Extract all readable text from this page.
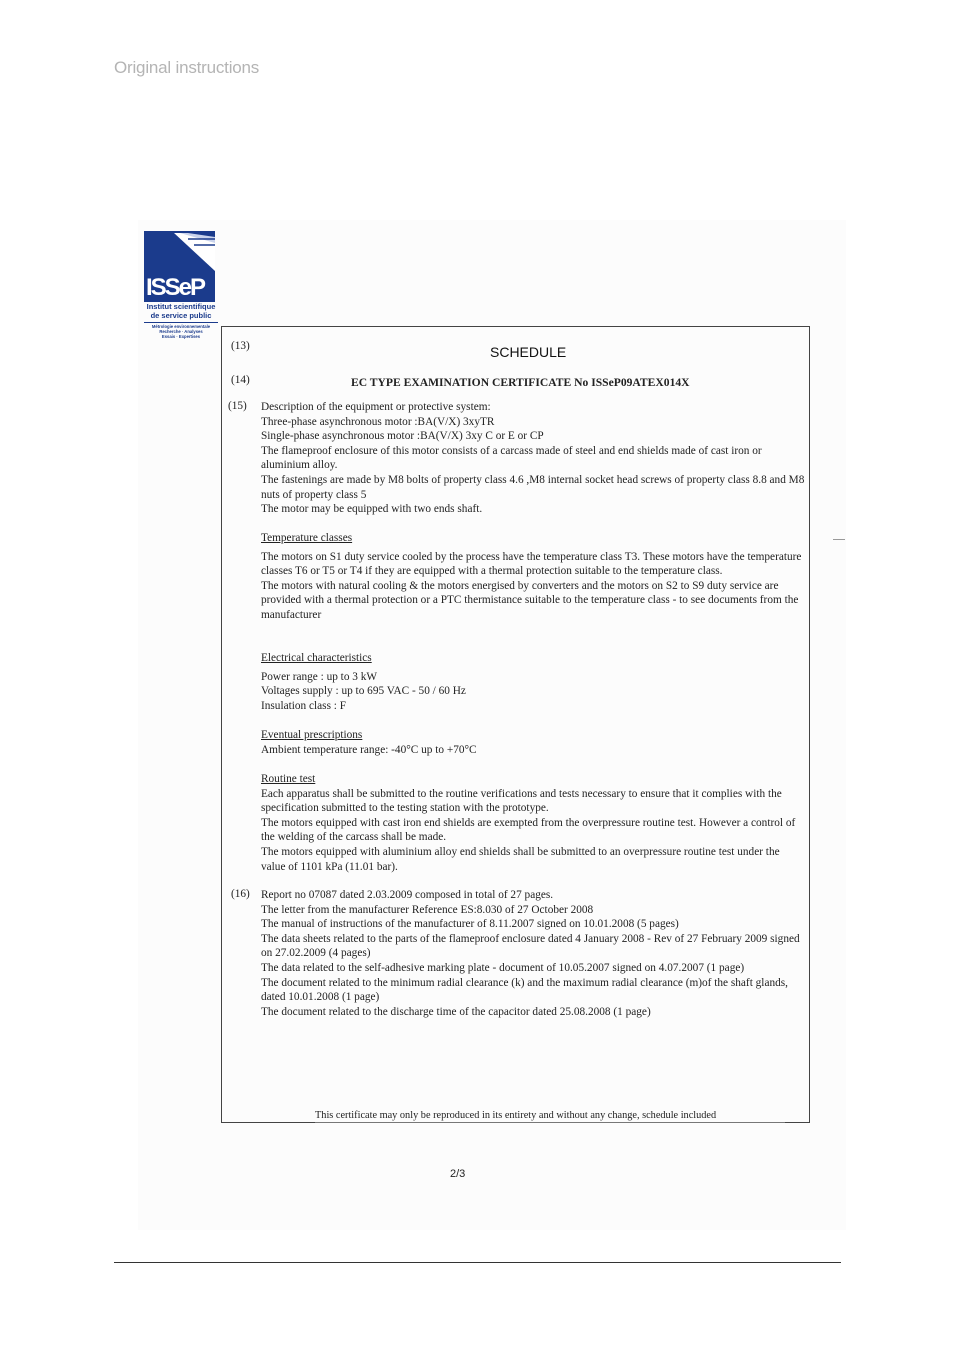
Original instructions
ISSeP
Institut scientifique
de service public
Métrologie environnementale
Recherche · Analyses
Essais · Expertises
(13)	SCHEDULE
(14)	EC TYPE EXAMINATION CERTIFICATE No ISSeP09ATEX014X
(15) Description of the equipment or protective system:

Three-phase asynchronous motor :BA(V/X) 3xyTR

Single-phase asynchronous motor :BA(V/X) 3xy C or E or CP

The flameproof enclosure of this motor consists of a carcass made of steel and end shields made of cast iron or aluminium alloy.

The fastenings are made by M8 bolts of property class 4.6 ,M8 internal socket head screws of property class 8.8 and M8 nuts of property class 5

The motor may be equipped with two ends shaft.

Temperature classes

The motors on S1 duty service cooled by the process have the temperature class T3. These motors have the temperature classes T6 or T5 or T4 if they are equipped with a thermal protection suitable to the temperature class.

The motors with natural cooling & the motors energised by converters and the motors on S2 to S9 duty service are provided with a thermal protection or a PTC thermistance suitable to the temperature class - to see documents from the manufacturer

Electrical characteristics

Power range : up to 3 kW

Voltages supply : up to 695 VAC - 50 / 60 Hz

Insulation class : F

Eventual prescriptions

Ambient temperature range: -40°C up to +70°C

Routine test

Each apparatus shall be submitted to the routine verifications and tests necessary to ensure that it complies with the specification submitted to the testing station with the prototype.

The motors equipped with cast iron end shields are exempted from the overpressure routine test. However a control of the welding of the carcass shall be made.

The motors equipped with aluminium alloy end shields shall be submitted to an overpressure routine test under the value of 1101 kPa (11.01 bar).

(16) Report no 07087 dated 2.03.2009 composed in total of 27 pages.

The letter from the manufacturer Reference ES:8.030 of 27 October 2008

The manual of instructions of the manufacturer of 8.11.2007 signed on 10.01.2008 (5 pages)

The data sheets related to the parts of the flameproof enclosure dated 4 January 2008 - Rev of 27 February 2009 signed on 27.02.2009 (4 pages)

The data related to the self-adhesive marking plate - document of 10.05.2007 signed on 4.07.2007 (1 page)

The document related to the minimum radial clearance (k) and the maximum radial clearance (m)of the shaft glands, dated 10.01.2008 (1 page)

The document related to the discharge time of the capacitor dated 25.08.2008 (1 page)

This certificate may only be reproduced in its entirety and without any change, schedule included
2/3
